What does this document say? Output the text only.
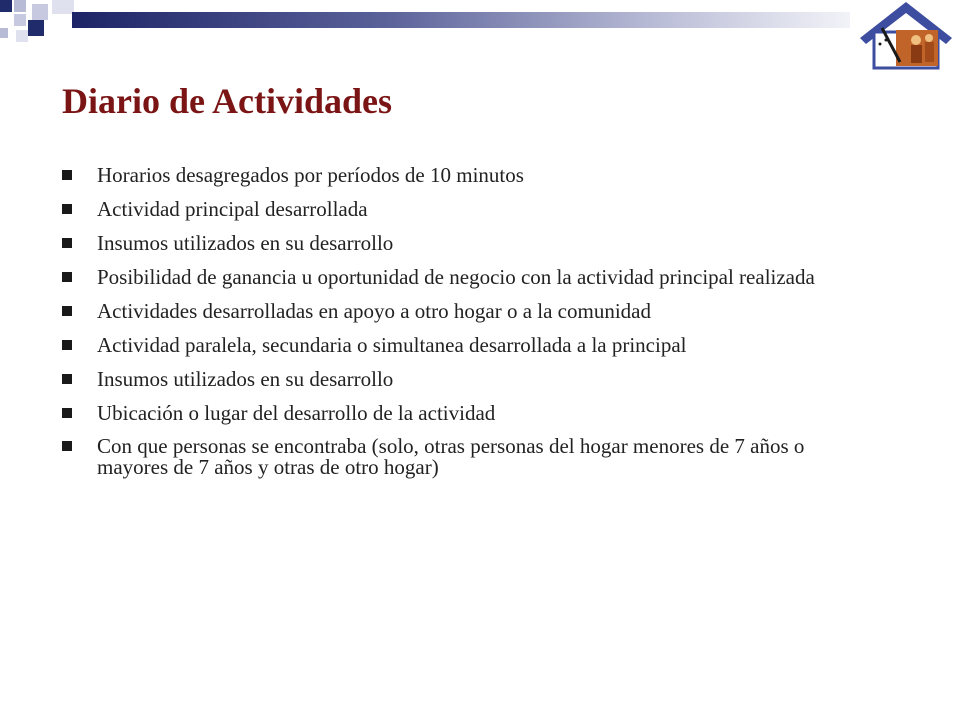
Diario de Actividades
Horarios desagregados por períodos de 10 minutos
Actividad principal desarrollada
Insumos utilizados en su desarrollo
Posibilidad de ganancia u oportunidad de negocio con la actividad principal realizada
Actividades desarrolladas en apoyo a otro hogar o a la comunidad
Actividad paralela, secundaria o simultanea desarrollada a la principal
Insumos utilizados en su desarrollo
Ubicación o lugar del desarrollo de la actividad
Con que personas se encontraba (solo, otras personas del hogar menores de 7 años o mayores de 7 años y otras de otro hogar)
